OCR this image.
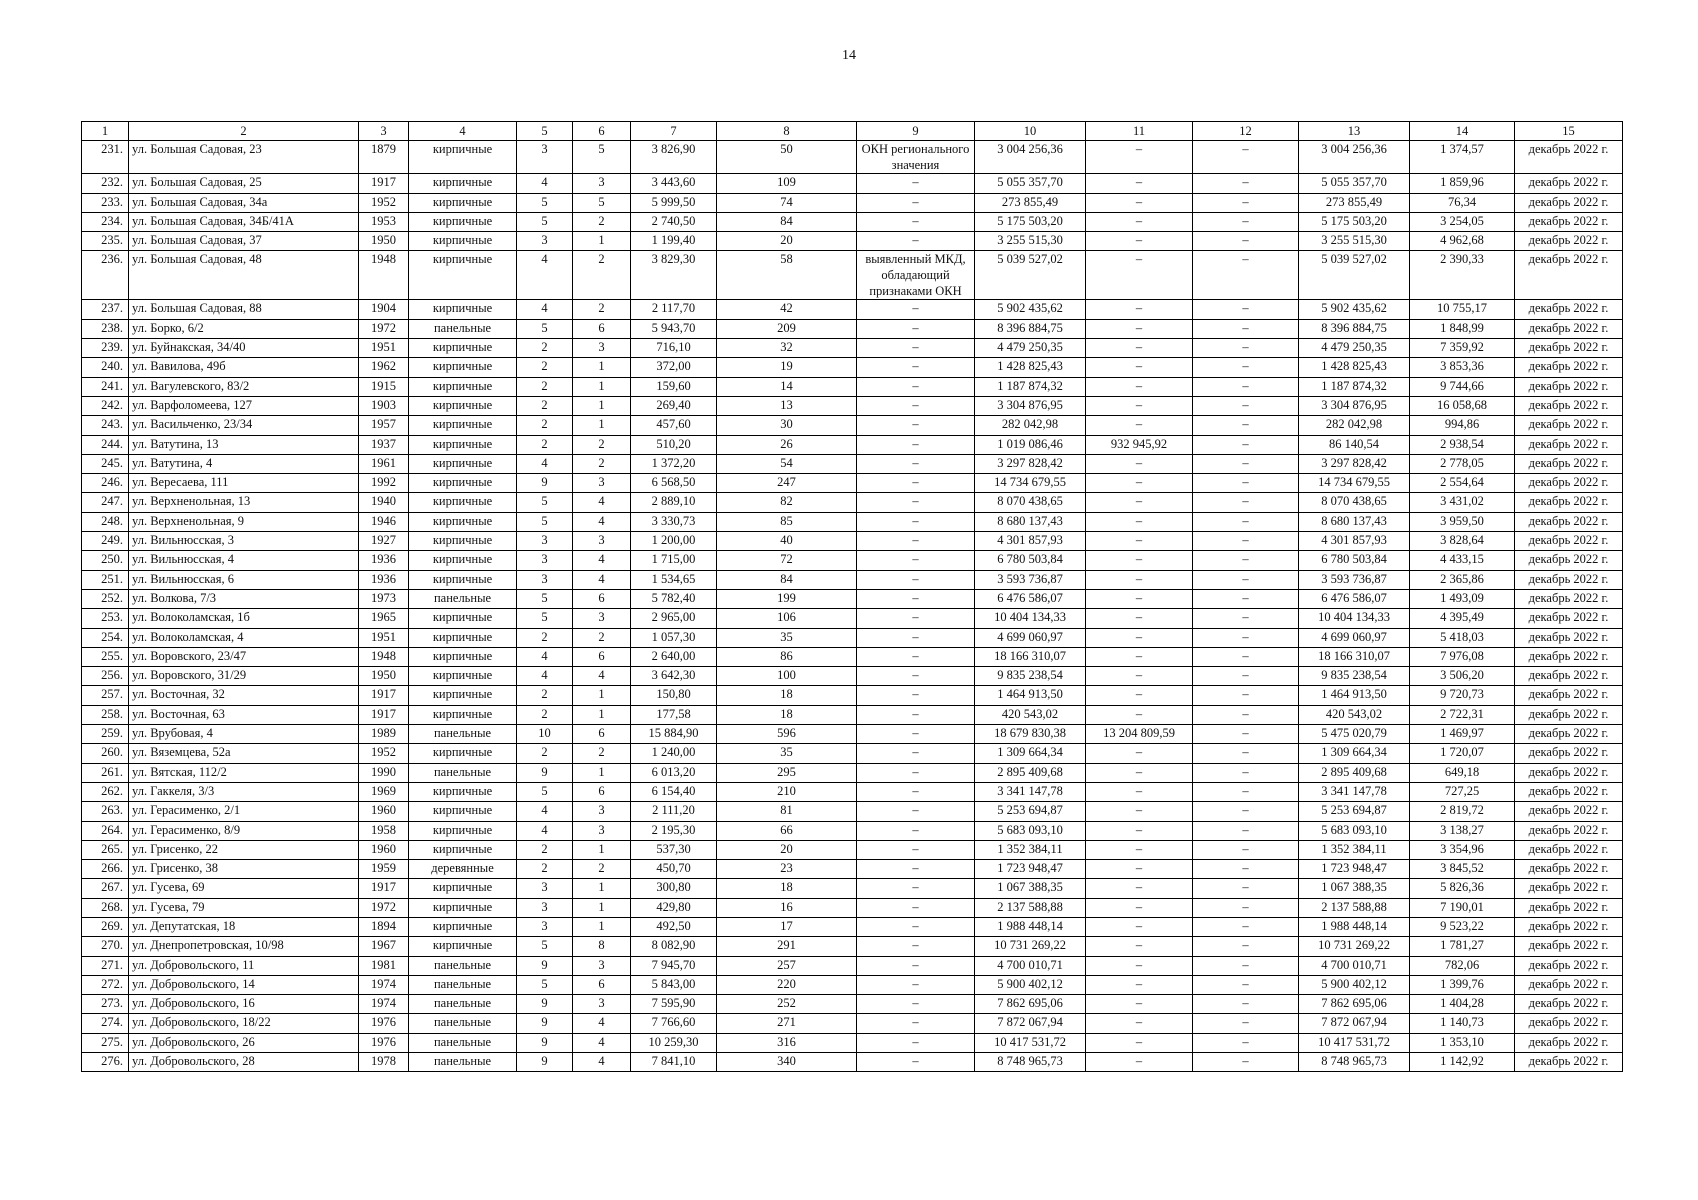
14
1	2	3	4	5	6	7	8	9	10	11	12	13	14	15
231.	ул. Большая Садовая, 23	1879	кирпичные	3	5	3 826,90	50	ОКН регионального значения	3 004 256,36	–	–	3 004 256,36	1 374,57	декабрь 2022 г.
232.	ул. Большая Садовая, 25	1917	кирпичные	4	3	3 443,60	109	–	5 055 357,70	–	–	5 055 357,70	1 859,96	декабрь 2022 г.
233.	ул. Большая Садовая, 34а	1952	кирпичные	5	5	5 999,50	74	–	273 855,49	–	–	273 855,49	76,34	декабрь 2022 г.
234.	ул. Большая Садовая, 34Б/41А	1953	кирпичные	5	2	2 740,50	84	–	5 175 503,20	–	–	5 175 503,20	3 254,05	декабрь 2022 г.
235.	ул. Большая Садовая, 37	1950	кирпичные	3	1	1 199,40	20	–	3 255 515,30	–	–	3 255 515,30	4 962,68	декабрь 2022 г.
236.	ул. Большая Садовая, 48	1948	кирпичные	4	2	3 829,30	58	выявленный МКД, обладающий признаками ОКН	5 039 527,02	–	–	5 039 527,02	2 390,33	декабрь 2022 г.
237.	ул. Большая Садовая, 88	1904	кирпичные	4	2	2 117,70	42	–	5 902 435,62	–	–	5 902 435,62	10 755,17	декабрь 2022 г.
238.	ул. Борко, 6/2	1972	панельные	5	6	5 943,70	209	–	8 396 884,75	–	–	8 396 884,75	1 848,99	декабрь 2022 г.
239.	ул. Буйнакская, 34/40	1951	кирпичные	2	3	716,10	32	–	4 479 250,35	–	–	4 479 250,35	7 359,92	декабрь 2022 г.
240.	ул. Вавилова, 49б	1962	кирпичные	2	1	372,00	19	–	1 428 825,43	–	–	1 428 825,43	3 853,36	декабрь 2022 г.
241.	ул. Вагулевского, 83/2	1915	кирпичные	2	1	159,60	14	–	1 187 874,32	–	–	1 187 874,32	9 744,66	декабрь 2022 г.
242.	ул. Варфоломеева, 127	1903	кирпичные	2	1	269,40	13	–	3 304 876,95	–	–	3 304 876,95	16 058,68	декабрь 2022 г.
243.	ул. Васильченко, 23/34	1957	кирпичные	2	1	457,60	30	–	282 042,98	–	–	282 042,98	994,86	декабрь 2022 г.
244.	ул. Ватутина, 13	1937	кирпичные	2	2	510,20	26	–	1 019 086,46	932 945,92	–	86 140,54	2 938,54	декабрь 2022 г.
245.	ул. Ватутина, 4	1961	кирпичные	4	2	1 372,20	54	–	3 297 828,42	–	–	3 297 828,42	2 778,05	декабрь 2022 г.
246.	ул. Вересаева, 111	1992	кирпичные	9	3	6 568,50	247	–	14 734 679,55	–	–	14 734 679,55	2 554,64	декабрь 2022 г.
247.	ул. Верхненольная, 13	1940	кирпичные	5	4	2 889,10	82	–	8 070 438,65	–	–	8 070 438,65	3 431,02	декабрь 2022 г.
248.	ул. Верхненольная, 9	1946	кирпичные	5	4	3 330,73	85	–	8 680 137,43	–	–	8 680 137,43	3 959,50	декабрь 2022 г.
249.	ул. Вильнюсская, 3	1927	кирпичные	3	3	1 200,00	40	–	4 301 857,93	–	–	4 301 857,93	3 828,64	декабрь 2022 г.
250.	ул. Вильнюсская, 4	1936	кирпичные	3	4	1 715,00	72	–	6 780 503,84	–	–	6 780 503,84	4 433,15	декабрь 2022 г.
251.	ул. Вильнюсская, 6	1936	кирпичные	3	4	1 534,65	84	–	3 593 736,87	–	–	3 593 736,87	2 365,86	декабрь 2022 г.
252.	ул. Волкова, 7/3	1973	панельные	5	6	5 782,40	199	–	6 476 586,07	–	–	6 476 586,07	1 493,09	декабрь 2022 г.
253.	ул. Волоколамская, 1б	1965	кирпичные	5	3	2 965,00	106	–	10 404 134,33	–	–	10 404 134,33	4 395,49	декабрь 2022 г.
254.	ул. Волоколамская, 4	1951	кирпичные	2	2	1 057,30	35	–	4 699 060,97	–	–	4 699 060,97	5 418,03	декабрь 2022 г.
255.	ул. Воровского, 23/47	1948	кирпичные	4	6	2 640,00	86	–	18 166 310,07	–	–	18 166 310,07	7 976,08	декабрь 2022 г.
256.	ул. Воровского, 31/29	1950	кирпичные	4	4	3 642,30	100	–	9 835 238,54	–	–	9 835 238,54	3 506,20	декабрь 2022 г.
257.	ул. Восточная, 32	1917	кирпичные	2	1	150,80	18	–	1 464 913,50	–	–	1 464 913,50	9 720,73	декабрь 2022 г.
258.	ул. Восточная, 63	1917	кирпичные	2	1	177,58	18	–	420 543,02	–	–	420 543,02	2 722,31	декабрь 2022 г.
259.	ул. Врубовая, 4	1989	панельные	10	6	15 884,90	596	–	18 679 830,38	13 204 809,59	–	5 475 020,79	1 469,97	декабрь 2022 г.
260.	ул. Вяземцева, 52а	1952	кирпичные	2	2	1 240,00	35	–	1 309 664,34	–	–	1 309 664,34	1 720,07	декабрь 2022 г.
261.	ул. Вятская, 112/2	1990	панельные	9	1	6 013,20	295	–	2 895 409,68	–	–	2 895 409,68	649,18	декабрь 2022 г.
262.	ул. Гаккеля, 3/3	1969	кирпичные	5	6	6 154,40	210	–	3 341 147,78	–	–	3 341 147,78	727,25	декабрь 2022 г.
263.	ул. Герасименко, 2/1	1960	кирпичные	4	3	2 111,20	81	–	5 253 694,87	–	–	5 253 694,87	2 819,72	декабрь 2022 г.
264.	ул. Герасименко, 8/9	1958	кирпичные	4	3	2 195,30	66	–	5 683 093,10	–	–	5 683 093,10	3 138,27	декабрь 2022 г.
265.	ул. Грисенко, 22	1960	кирпичные	2	1	537,30	20	–	1 352 384,11	–	–	1 352 384,11	3 354,96	декабрь 2022 г.
266.	ул. Грисенко, 38	1959	деревянные	2	2	450,70	23	–	1 723 948,47	–	–	1 723 948,47	3 845,52	декабрь 2022 г.
267.	ул. Гусева, 69	1917	кирпичные	3	1	300,80	18	–	1 067 388,35	–	–	1 067 388,35	5 826,36	декабрь 2022 г.
268.	ул. Гусева, 79	1972	кирпичные	3	1	429,80	16	–	2 137 588,88	–	–	2 137 588,88	7 190,01	декабрь 2022 г.
269.	ул. Депутатская, 18	1894	кирпичные	3	1	492,50	17	–	1 988 448,14	–	–	1 988 448,14	9 523,22	декабрь 2022 г.
270.	ул. Днепропетровская, 10/98	1967	кирпичные	5	8	8 082,90	291	–	10 731 269,22	–	–	10 731 269,22	1 781,27	декабрь 2022 г.
271.	ул. Добровольского, 11	1981	панельные	9	3	7 945,70	257	–	4 700 010,71	–	–	4 700 010,71	782,06	декабрь 2022 г.
272.	ул. Добровольского, 14	1974	панельные	5	6	5 843,00	220	–	5 900 402,12	–	–	5 900 402,12	1 399,76	декабрь 2022 г.
273.	ул. Добровольского, 16	1974	панельные	9	3	7 595,90	252	–	7 862 695,06	–	–	7 862 695,06	1 404,28	декабрь 2022 г.
274.	ул. Добровольского, 18/22	1976	панельные	9	4	7 766,60	271	–	7 872 067,94	–	–	7 872 067,94	1 140,73	декабрь 2022 г.
275.	ул. Добровольского, 26	1976	панельные	9	4	10 259,30	316	–	10 417 531,72	–	–	10 417 531,72	1 353,10	декабрь 2022 г.
276.	ул. Добровольского, 28	1978	панельные	9	4	7 841,10	340	–	8 748 965,73	–	–	8 748 965,73	1 142,92	декабрь 2022 г.
